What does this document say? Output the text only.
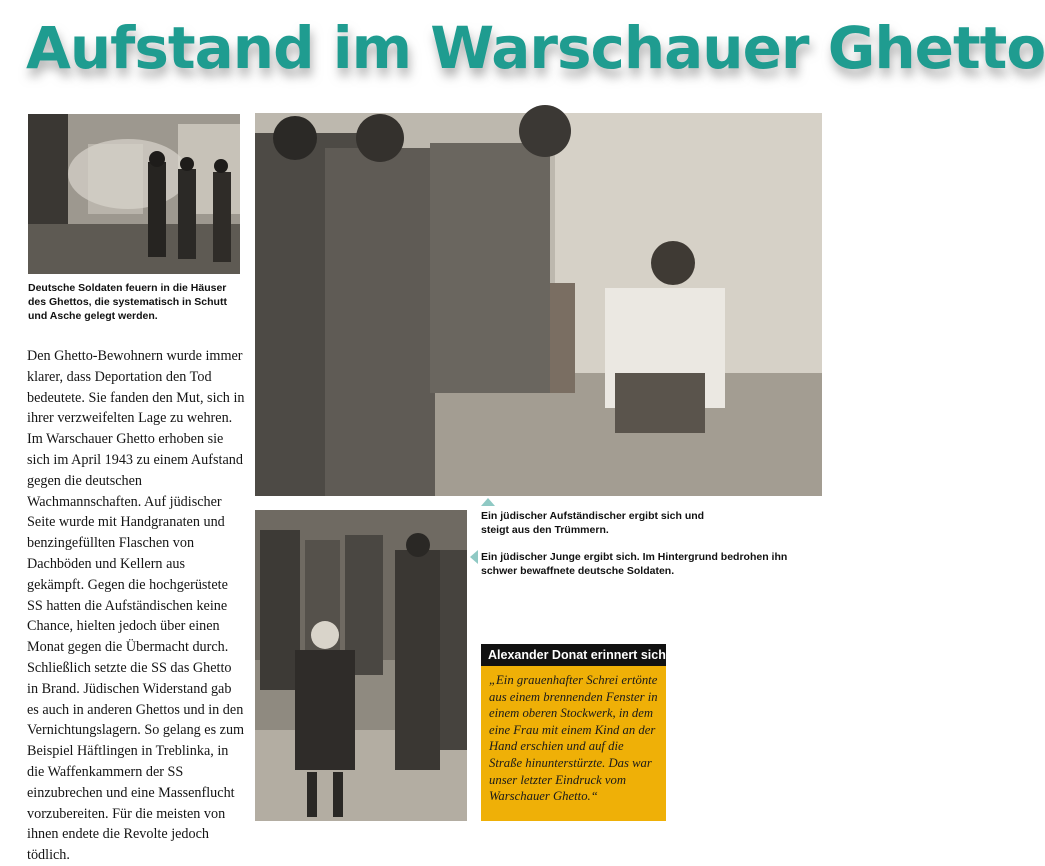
Aufstand im Warschauer Ghetto
Deutsche Soldaten feuern in die Häuser des Ghettos, die systematisch in Schutt und Asche gelegt werden.
Ein jüdischer Aufständischer ergibt sich und steigt aus den Trümmern.
Ein jüdischer Junge ergibt sich. Im Hintergrund bedrohen ihn schwer bewaffnete deutsche Soldaten.
Den Ghetto-Bewohnern wurde immer klarer, dass Deportation den Tod bedeutete. Sie fanden den Mut, sich in ihrer verzweifelten Lage zu wehren. Im Warschauer Ghetto erhoben sie sich im April 1943 zu einem Aufstand gegen die deutschen Wachmannschaften. Auf jüdischer Seite wurde mit Handgranaten und benzingefüllten Flaschen von Dachböden und Kellern aus gekämpft. Gegen die hochgerüstete SS hatten die Aufständischen keine Chance, hielten jedoch über einen Monat gegen die Übermacht durch. Schließlich setzte die SS das Ghetto in Brand. Jüdischen Widerstand gab es auch in anderen Ghettos und in den Vernichtungslagern. So gelang es zum Beispiel Häftlingen in Treblinka, in die Waffenkammern der SS einzubrechen und eine Massenflucht vorzubereiten. Für die meisten von ihnen endete die Revolte jedoch tödlich.
Alexander Donat erinnert sich:
„Ein grauenhafter Schrei ertönte aus einem brennenden Fenster in einem oberen Stockwerk, in dem eine Frau mit einem Kind an der Hand erschien und auf die Straße hinunterstürzte. Das war unser letzter Eindruck vom Warschauer Ghetto.“
